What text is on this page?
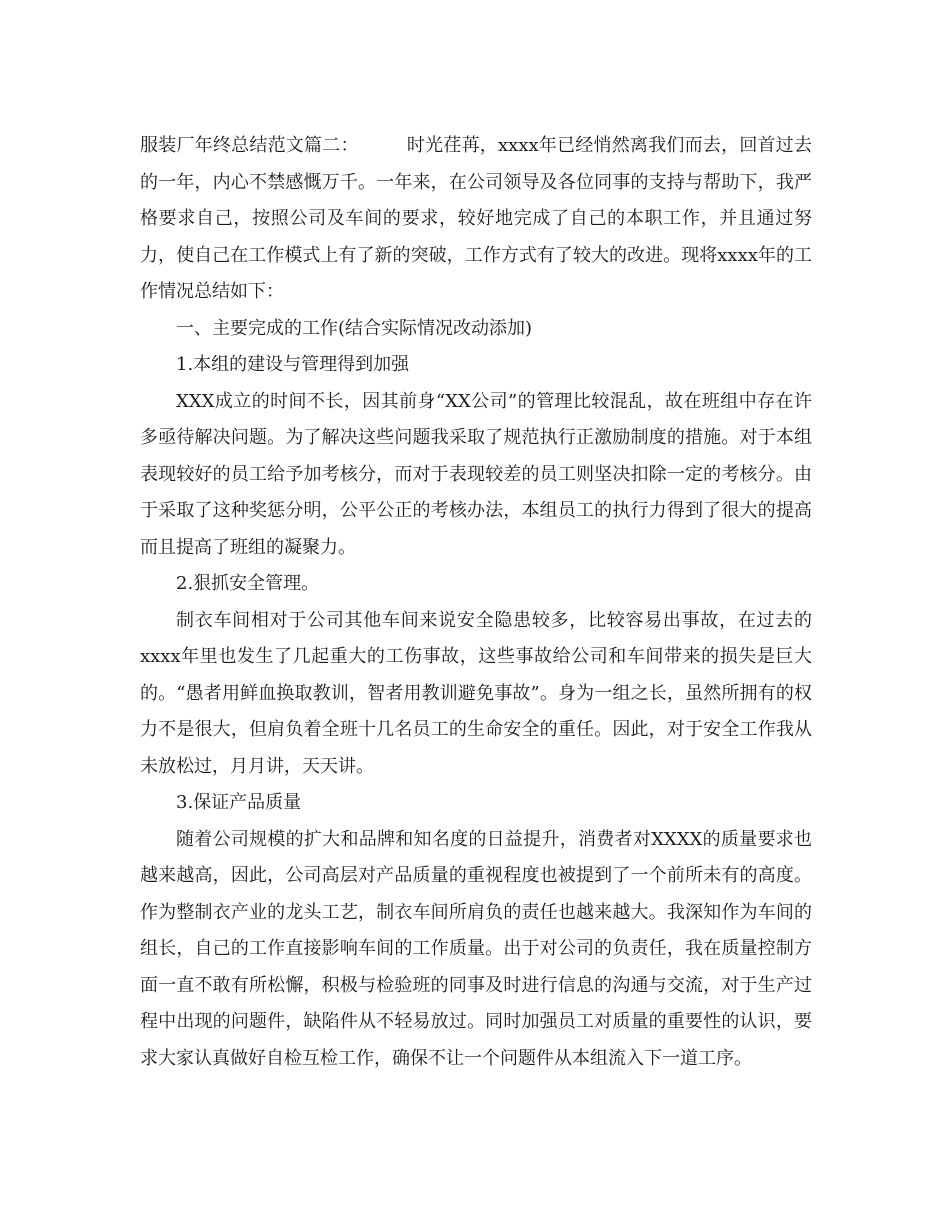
服装厂年终总结范文篇二：	时光荏苒，xxxx年已经悄然离我们而去，回首过去的一年，内心不禁感慨万千。一年来，在公司领导及各位同事的支持与帮助下，我严格要求自己，按照公司及车间的要求，较好地完成了自己的本职工作，并且通过努力，使自己在工作模式上有了新的突破，工作方式有了较大的改进。现将xxxx年的工作情况总结如下：

一、主要完成的工作(结合实际情况改动添加)

1.本组的建设与管理得到加强

XXX成立的时间不长，因其前身“XX公司”的管理比较混乱，故在班组中存在许多亟待解决问题。为了解决这些问题我采取了规范执行正激励制度的措施。对于本组表现较好的员工给予加考核分，而对于表现较差的员工则坚决扣除一定的考核分。由于采取了这种奖惩分明，公平公正的考核办法，本组员工的执行力得到了很大的提高而且提高了班组的凝聚力。

2.狠抓安全管理。

制衣车间相对于公司其他车间来说安全隐患较多，比较容易出事故，在过去的xxxx年里也发生了几起重大的工伤事故，这些事故给公司和车间带来的损失是巨大的。“愚者用鲜血换取教训，智者用教训避免事故”。身为一组之长，虽然所拥有的权力不是很大，但肩负着全班十几名员工的生命安全的重任。因此，对于安全工作我从未放松过，月月讲，天天讲。

3.保证产品质量

随着公司规模的扩大和品牌和知名度的日益提升，消费者对XXXX的质量要求也越来越高，因此，公司高层对产品质量的重视程度也被提到了一个前所未有的高度。作为整制衣产业的龙头工艺，制衣车间所肩负的责任也越来越大。我深知作为车间的组长，自己的工作直接影响车间的工作质量。出于对公司的负责任，我在质量控制方面一直不敢有所松懈，积极与检验班的同事及时进行信息的沟通与交流，对于生产过程中出现的问题件，缺陷件从不轻易放过。同时加强员工对质量的重要性的认识，要求大家认真做好自检互检工作，确保不让一个问题件从本组流入下一道工序。
